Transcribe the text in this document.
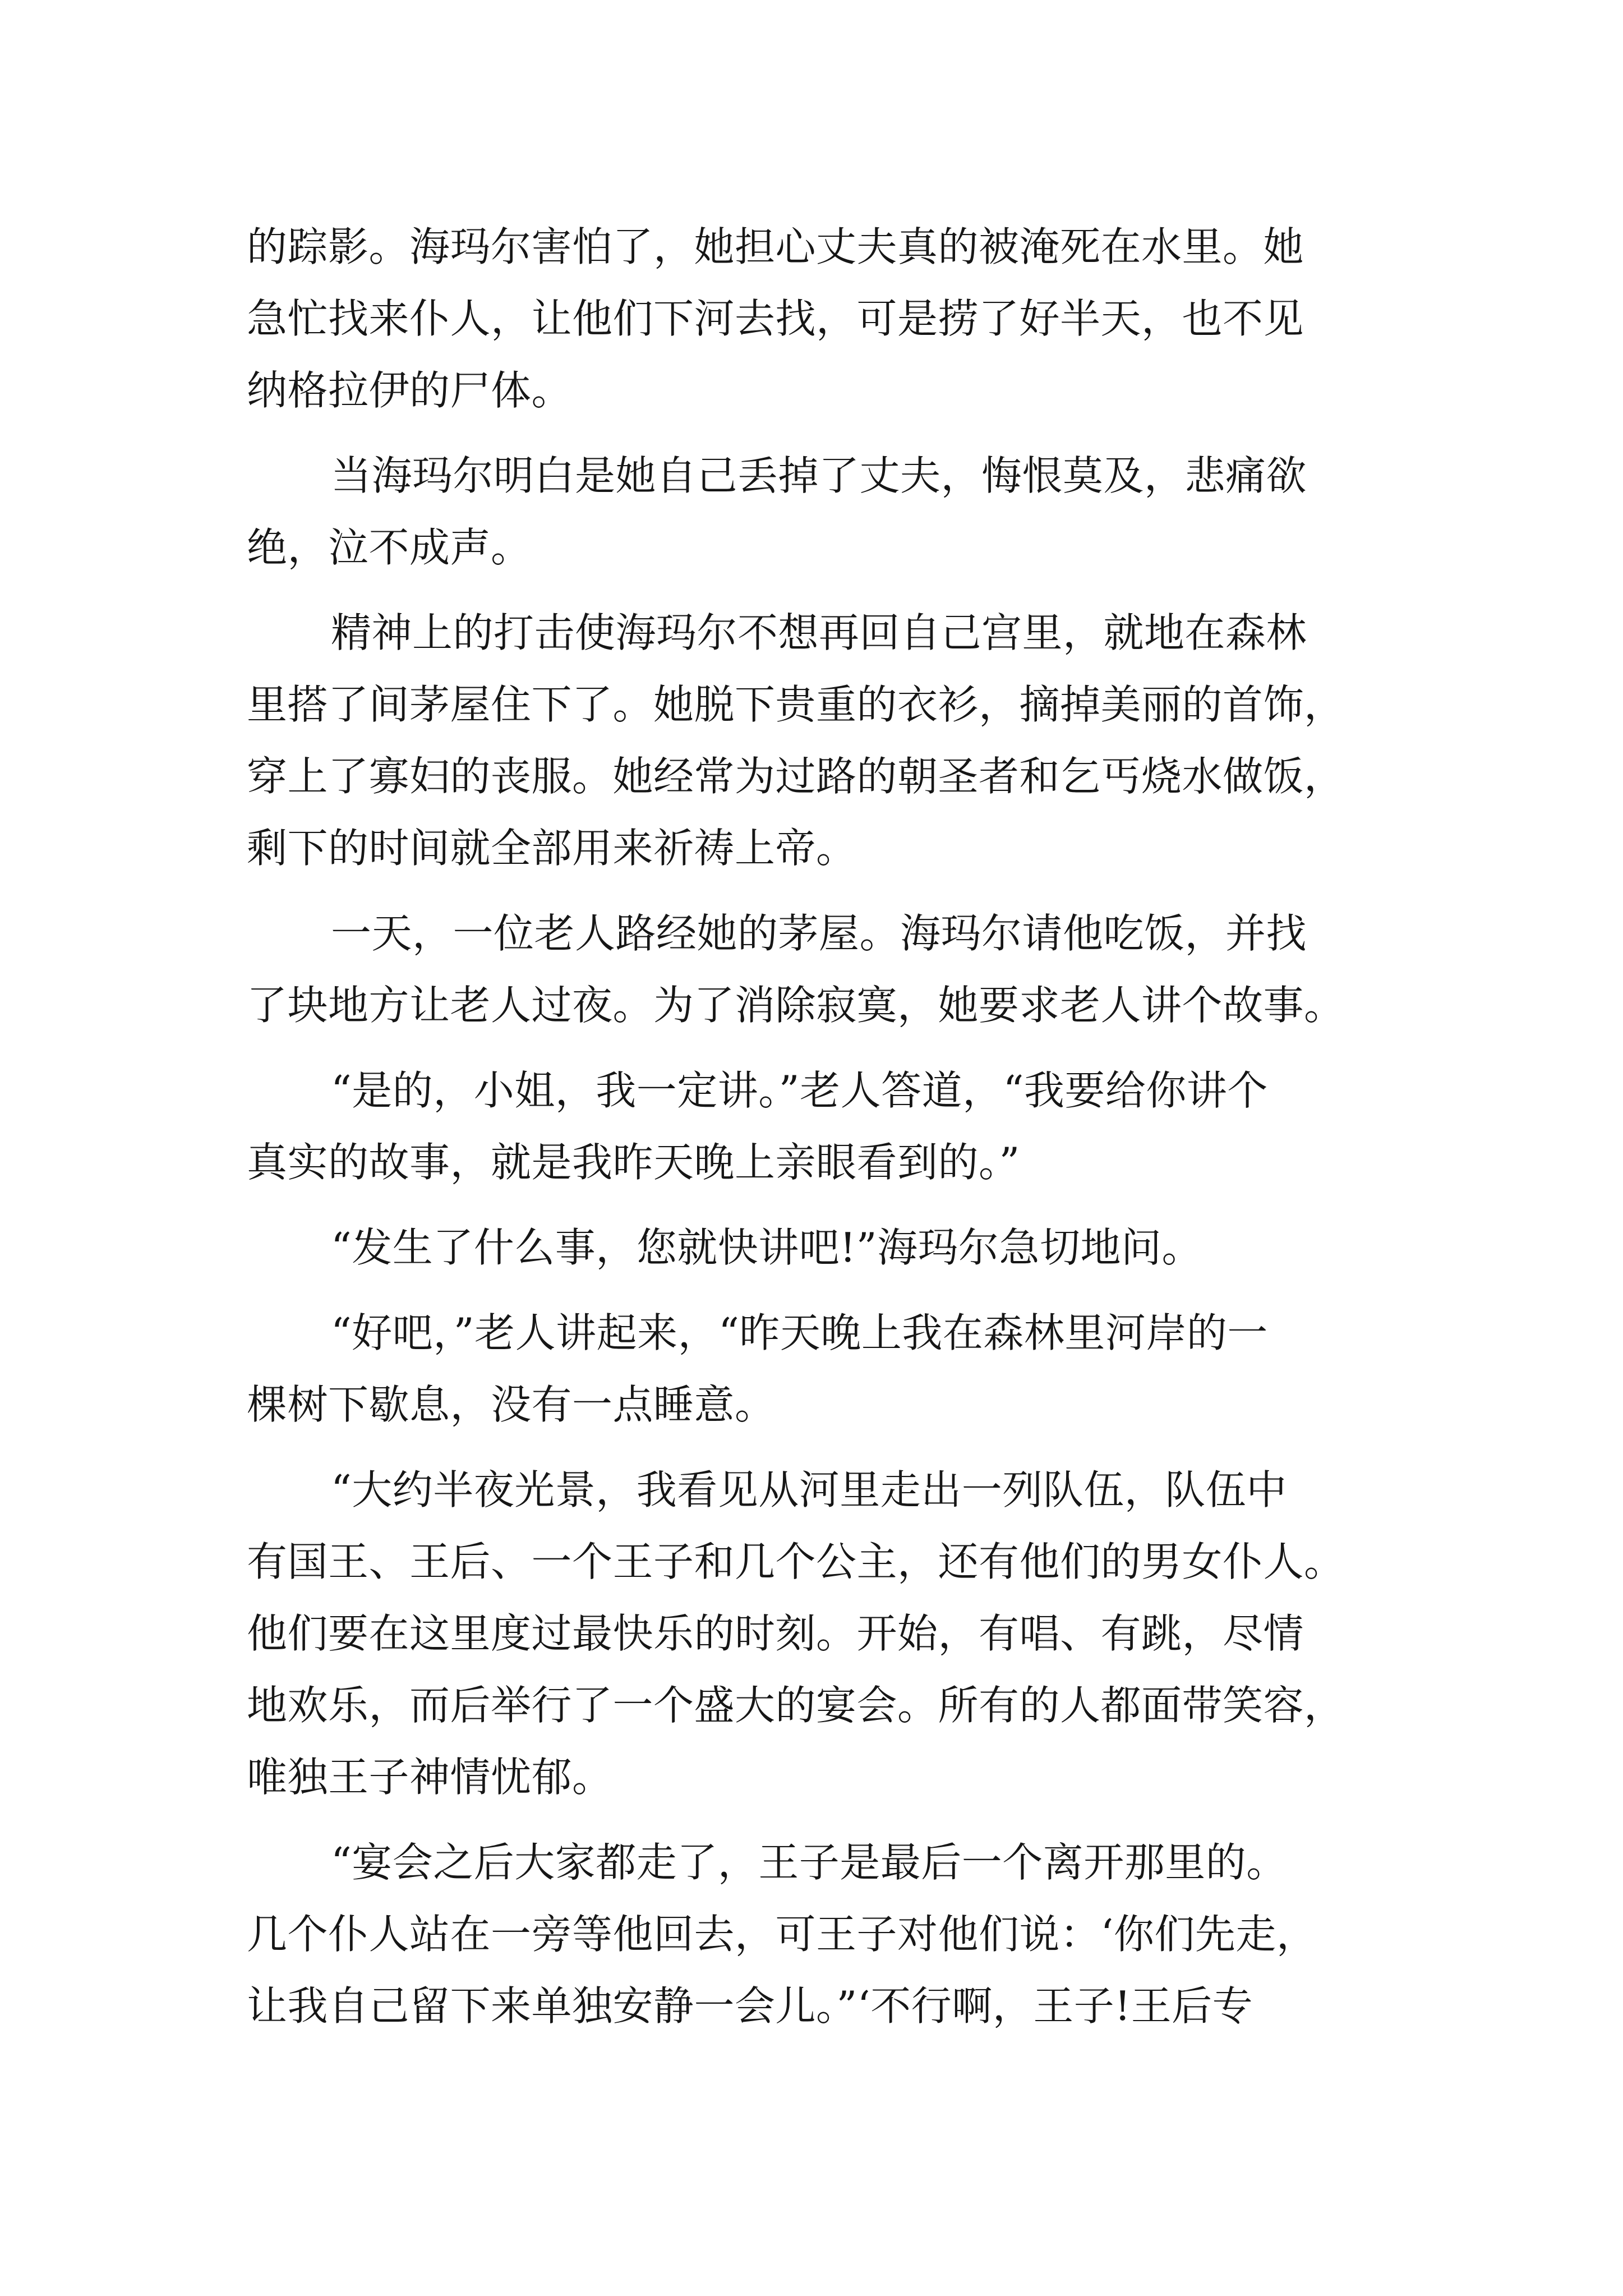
的踪影。海玛尔害怕了，她担心丈夫真的被淹死在水里。她
急忙找来仆人，让他们下河去找，可是捞了好半天，也不见
纳格拉伊的尸体。
当海玛尔明白是她自己丢掉了丈夫，悔恨莫及，悲痛欲
绝，泣不成声。
精神上的打击使海玛尔不想再回自己宫里，就地在森林
里搭了间茅屋住下了。她脱下贵重的衣衫，摘掉美丽的首饰，
穿上了寡妇的丧服。她经常为过路的朝圣者和乞丐烧水做饭，
剩下的时间就全部用来祈祷上帝。
一天，一位老人路经她的茅屋。海玛尔请他吃饭，并找
了块地方让老人过夜。为了消除寂寞，她要求老人讲个故事。
“是的，小姐，我一定讲。”老人答道，“我要给你讲个
真实的故事，就是我昨天晚上亲眼看到的。”
“发生了什么事，您就快讲吧!”海玛尔急切地问。
“好吧，”老人讲起来，“昨天晚上我在森林里河岸的一
棵树下歇息，没有一点睡意。
“大约半夜光景，我看见从河里走出一列队伍，队伍中
有国王、王后、一个王子和几个公主，还有他们的男女仆人。
他们要在这里度过最快乐的时刻。开始，有唱、有跳，尽情
地欢乐，而后举行了一个盛大的宴会。所有的人都面带笑容，
唯独王子神情忧郁。
“宴会之后大家都走了，王子是最后一个离开那里的。
几个仆人站在一旁等他回去，可王子对他们说：‘你们先走，
让我自己留下来单独安静一会儿。”‘不行啊，王子!王后专
